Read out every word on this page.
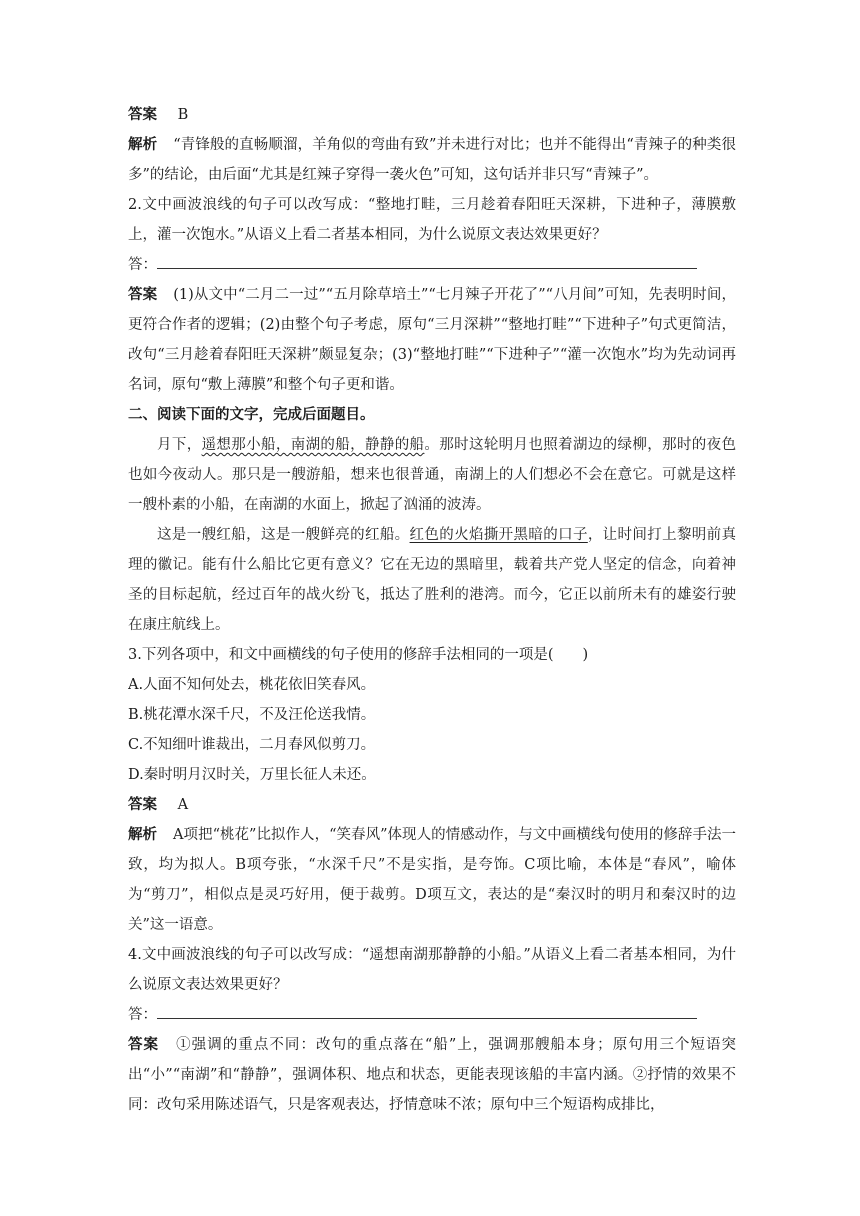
答案 B
解析 “青锋般的直畅顺溜，羊角似的弯曲有致”并未进行对比；也并不能得出“青辣子的种类很多”的结论，由后面“尤其是红辣子穿得一袭火色”可知，这句话并非只写“青辣子”。
2.文中画波浪线的句子可以改写成：“整地打畦，三月趁着春阳旺天深耕，下进种子，薄膜敷上，灌一次饱水。”从语义上看二者基本相同，为什么说原文表达效果更好？
答：
答案 (1)从文中“二月二一过”“五月除草培土”“七月辣子开花了”“八月间”可知，先表明时间，更符合作者的逻辑；(2)由整个句子考虑，原句“三月深耕”“整地打畦”“下进种子”句式更简洁，改句“三月趁着春阳旺天深耕”颇显复杂；(3)“整地打畦”“下进种子”“灌一次饱水”均为先动词再名词，原句“敷上薄膜”和整个句子更和谐。
二、阅读下面的文字，完成后面题目。
月下，遥想那小船，南湖的船，静静的船。那时这轮明月也照着湖边的绿柳，那时的夜色也如今夜动人。那只是一艘游船，想来也很普通，南湖上的人们想必不会在意它。可就是这样一艘朴素的小船，在南湖的水面上，掀起了汹涌的波涛。
这是一艘红船，这是一艘鲜亮的红船。红色的火焰撕开黑暗的口子，让时间打上黎明前真理的徽记。能有什么船比它更有意义？它在无边的黑暗里，载着共产党人坚定的信念，向着神圣的目标起航，经过百年的战火纷飞，抵达了胜利的港湾。而今，它正以前所未有的雄姿行驶在康庄航线上。
3.下列各项中，和文中画横线的句子使用的修辞手法相同的一项是(　　)
A.人面不知何处去，桃花依旧笑春风。
B.桃花潭水深千尺，不及汪伦送我情。
C.不知细叶谁裁出，二月春风似剪刀。
D.秦时明月汉时关，万里长征人未还。
答案 A
解析 A项把“桃花”比拟作人，“笑春风”体现人的情感动作，与文中画横线句使用的修辞手法一致，均为拟人。B项夸张，“水深千尺”不是实指，是夸饰。C项比喻，本体是“春风”，喻体为“剪刀”，相似点是灵巧好用，便于裁剪。D项互文，表达的是“秦汉时的明月和秦汉时的边关”这一语意。
4.文中画波浪线的句子可以改写成：“遥想南湖那静静的小船。”从语义上看二者基本相同，为什么说原文表达效果更好？
答：
答案 ①强调的重点不同：改句的重点落在“船”上，强调那艘船本身；原句用三个短语突出“小”“南湖”和“静静”，强调体积、地点和状态，更能表现该船的丰富内涵。②抒情的效果不同：改句采用陈述语气，只是客观表达，抒情意味不浓；原句中三个短语构成排比，
